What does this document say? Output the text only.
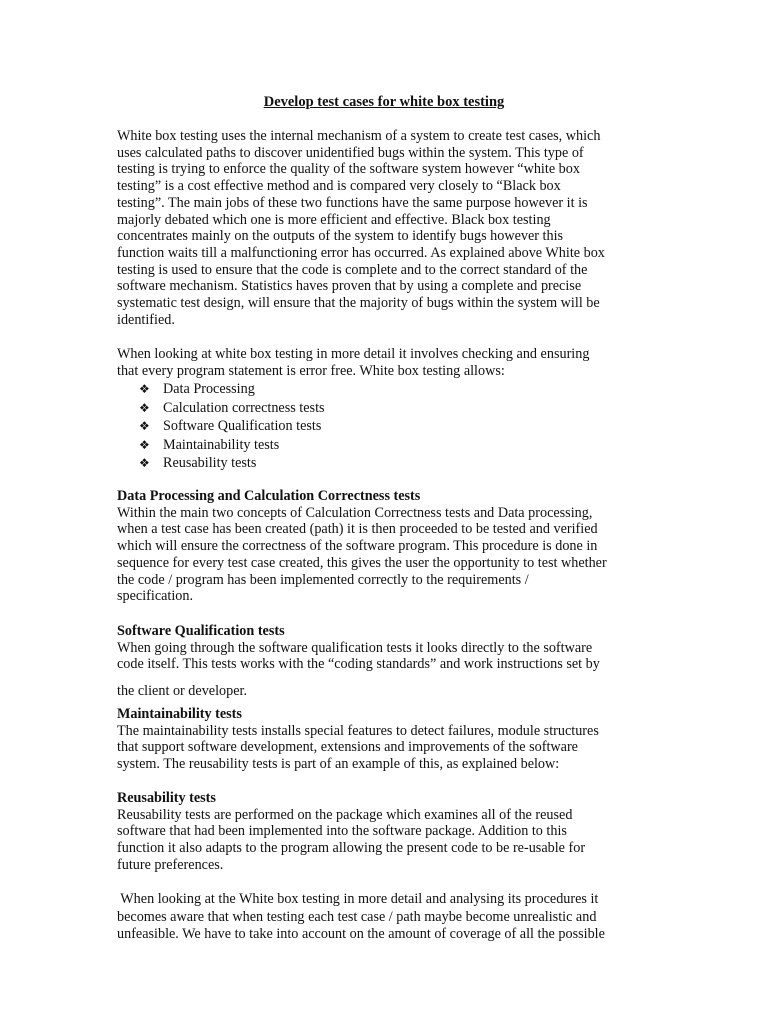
Develop test cases for white box testing

White box testing uses the internal mechanism of a system to create test cases, which
uses calculated paths to discover unidentified bugs within the system. This type of
testing is trying to enforce the quality of the software system however “white box
testing” is a cost effective method and is compared very closely to “Black box
testing”. The main jobs of these two functions have the same purpose however it is
majorly debated which one is more efficient and effective. Black box testing
concentrates mainly on the outputs of the system to identify bugs however this
function waits till a malfunctioning error has occurred. As explained above White box
testing is used to ensure that the code is complete and to the correct standard of the
software mechanism. Statistics haves proven that by using a complete and precise
systematic test design, will ensure that the majority of bugs within the system will be
identified.

When looking at white box testing in more detail it involves checking and ensuring
that every program statement is error free. White box testing allows:

❖ Data Processing
❖ Calculation correctness tests
❖ Software Qualification tests
❖ Maintainability tests
❖ Reusability tests

Data Processing and Calculation Correctness tests
Within the main two concepts of Calculation Correctness tests and Data processing,
when a test case has been created (path) it is then proceeded to be tested and verified
which will ensure the correctness of the software program. This procedure is done in
sequence for every test case created, this gives the user the opportunity to test whether
the code / program has been implemented correctly to the requirements /
specification.

Software Qualification tests
When going through the software qualification tests it looks directly to the software
code itself. This tests works with the “coding standards” and work instructions set by

the client or developer.

Maintainability tests
The maintainability tests installs special features to detect failures, module structures
that support software development, extensions and improvements of the software
system. The reusability tests is part of an example of this, as explained below:

Reusability tests
Reusability tests are performed on the package which examines all of the reused
software that had been implemented into the software package. Addition to this
function it also adapts to the program allowing the present code to be re-usable for
future preferences.

When looking at the White box testing in more detail and analysing its procedures it
becomes aware that when testing each test case / path maybe become unrealistic and
unfeasible. We have to take into account on the amount of coverage of all the possible
